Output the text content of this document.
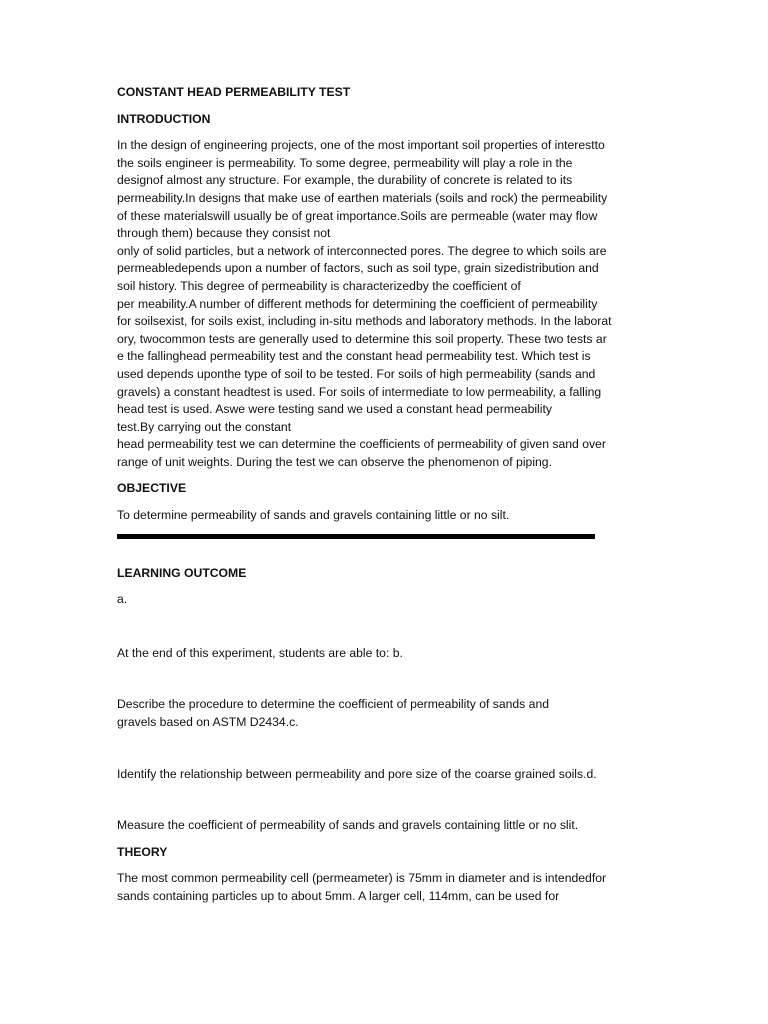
CONSTANT HEAD PERMEABILITY TEST
INTRODUCTION
In the design of engineering projects, one of the most important soil properties of interestto
the soils engineer is permeability. To some degree, permeability will play a role in the
designof almost any structure. For example, the durability of concrete is related to its
permeability.In designs that make use of earthen materials (soils and rock) the permeability
of these materialswill usually be of great importance.Soils are permeable (water may flow
through them) because they consist not
only of solid particles, but a network of interconnected pores. The degree to which soils are
permeabledepends upon a number of factors, such as soil type, grain sizedistribution and
soil history. This degree of permeability is characterizedby the coefficient of
per meability.A number of different methods for determining the coefficient of permeability
for soilsexist, for soils exist, including in-situ methods and laboratory methods. In the laborat
ory, twocommon tests are generally used to determine this soil property. These two tests ar
e the fallinghead permeability test and the constant head permeability test. Which test is
used depends uponthe type of soil to be tested. For soils of high permeability (sands and
gravels) a constant headtest is used. For soils of intermediate to low permeability, a falling
head test is used. Aswe were testing sand we used a constant head permeability
test.By carrying out the constant
head permeability test we can determine the coefficients of permeability of given sand over
range of unit weights. During the test we can observe the phenomenon of piping.
OBJECTIVE
To determine permeability of sands and gravels containing little or no silt.
LEARNING OUTCOME
a.
At the end of this experiment, students are able to: b.
Describe the procedure to determine the coefficient of permeability of sands and
gravels based on ASTM D2434.c.
Identify the relationship between permeability and pore size of the coarse grained soils.d.
Measure the coefficient of permeability of sands and gravels containing little or no slit.
THEORY
The most common permeability cell (permeameter) is 75mm in diameter and is intendedfor
sands containing particles up to about 5mm. A larger cell, 114mm, can be used for
